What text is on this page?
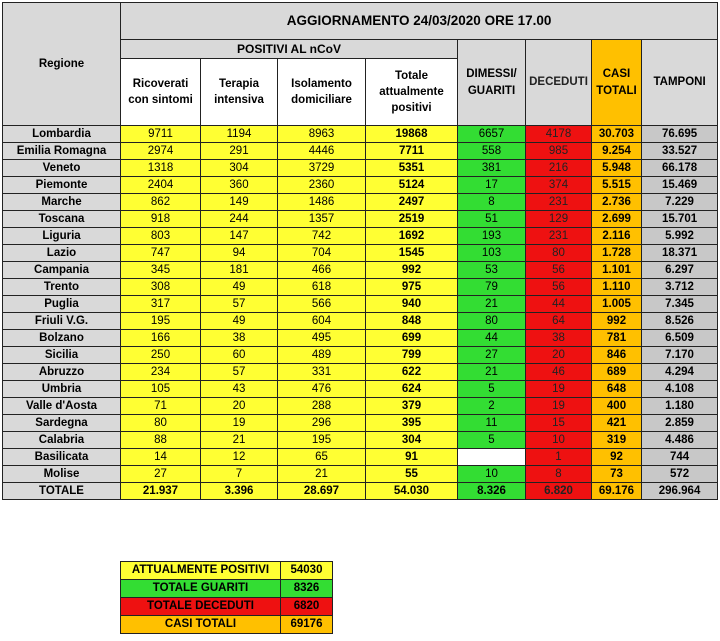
Regione	AGGIORNAMENTO 24/03/2020 ORE 17.00							
	POSITIVI AL nCoV				DIMESSI/ GUARITI	DECEDUTI	CASI TOTALI	TAMPONI
	Ricoverati con sintomi	Terapia intensiva	Isolamento domiciliare	Totale attualmente positivi				
Lombardia	9711	1194	8963	19868	6657	4178	30.703	76.695
Emilia Romagna	2974	291	4446	7711	558	985	9.254	33.527
Veneto	1318	304	3729	5351	381	216	5.948	66.178
Piemonte	2404	360	2360	5124	17	374	5.515	15.469
Marche	862	149	1486	2497	8	231	2.736	7.229
Toscana	918	244	1357	2519	51	129	2.699	15.701
Liguria	803	147	742	1692	193	231	2.116	5.992
Lazio	747	94	704	1545	103	80	1.728	18.371
Campania	345	181	466	992	53	56	1.101	6.297
Trento	308	49	618	975	79	56	1.110	3.712
Puglia	317	57	566	940	21	44	1.005	7.345
Friuli V.G.	195	49	604	848	80	64	992	8.526
Bolzano	166	38	495	699	44	38	781	6.509
Sicilia	250	60	489	799	27	20	846	7.170
Abruzzo	234	57	331	622	21	46	689	4.294
Umbria	105	43	476	624	5	19	648	4.108
Valle d'Aosta	71	20	288	379	2	19	400	1.180
Sardegna	80	19	296	395	11	15	421	2.859
Calabria	88	21	195	304	5	10	319	4.486
Basilicata	14	12	65	91		1	92	744
Molise	27	7	21	55	10	8	73	572
TOTALE	21.937	3.396	28.697	54.030	8.326	6.820	69.176	296.964
ATTUALMENTE POSITIVI	54030
TOTALE GUARITI	8326
TOTALE DECEDUTI	6820
CASI TOTALI	69176
